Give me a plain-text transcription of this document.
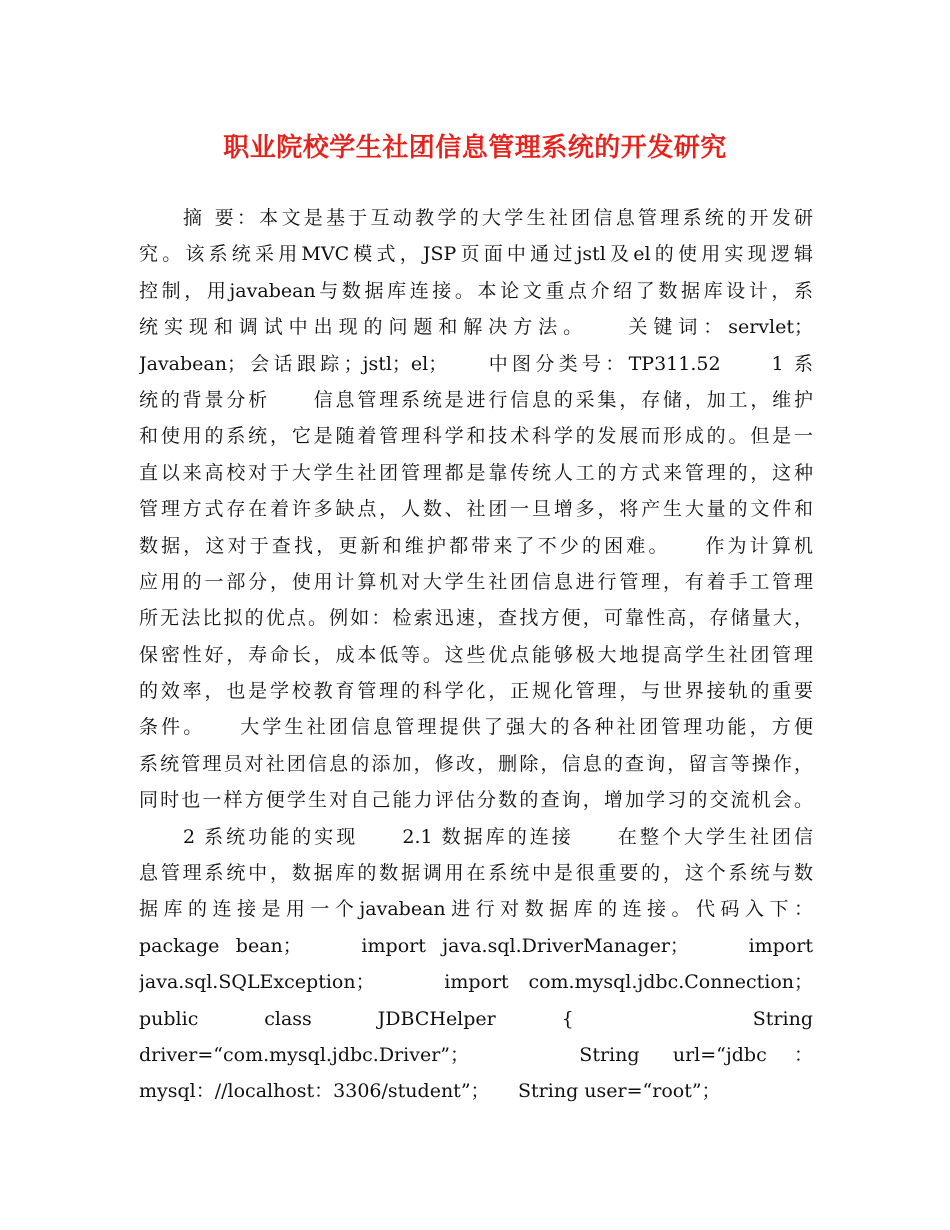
职业院校学生社团信息管理系统的开发研究
摘 要：本文是基于互动教学的大学生社团信息管理系统的开发研
究。该系统采用MVC模式，JSP页面中通过jstl及el的使用实现逻辑
控制，用javabean与数据库连接。本论文重点介绍了数据库设计，系
统实现和调试中出现的问题和解决方法。　　关键词：servlet；
Javabean；会话跟踪；jstl；el；　　中图分类号：TP311.52　　1 系
统的背景分析　　信息管理系统是进行信息的采集，存储，加工，维护
和使用的系统，它是随着管理科学和技术科学的发展而形成的。但是一
直以来高校对于大学生社团管理都是靠传统人工的方式来管理的，这种
管理方式存在着许多缺点，人数、社团一旦增多，将产生大量的文件和
数据，这对于查找，更新和维护都带来了不少的困难。　　作为计算机
应用的一部分，使用计算机对大学生社团信息进行管理，有着手工管理
所无法比拟的优点。例如：检索迅速，查找方便，可靠性高，存储量大，
保密性好，寿命长，成本低等。这些优点能够极大地提高学生社团管理
的效率，也是学校教育管理的科学化，正规化管理，与世界接轨的重要
条件。　　大学生社团信息管理提供了强大的各种社团管理功能，方便
系统管理员对社团信息的添加，修改，删除，信息的查询，留言等操作，
同时也一样方便学生对自己能力评估分数的查询，增加学习的交流机会。
2 系统功能的实现　　2.1 数据库的连接　　在整个大学生社团信
息管理系统中，数据库的数据调用在系统中是很重要的，这个系统与数
据库的连接是用一个javabean进行对数据库的连接。代码入下：
package bean；　　import java.sql.DriverManager；　　import
java.sql.SQLException；　　import com.mysql.jdbc.Connection；
public　　class　　JDBCHelper　　{　　　　　　String
driver=“com.mysql.jdbc.Driver”；　　String url=“jdbc：
mysql：//localhost：3306/student”；　　String user=“root”；
